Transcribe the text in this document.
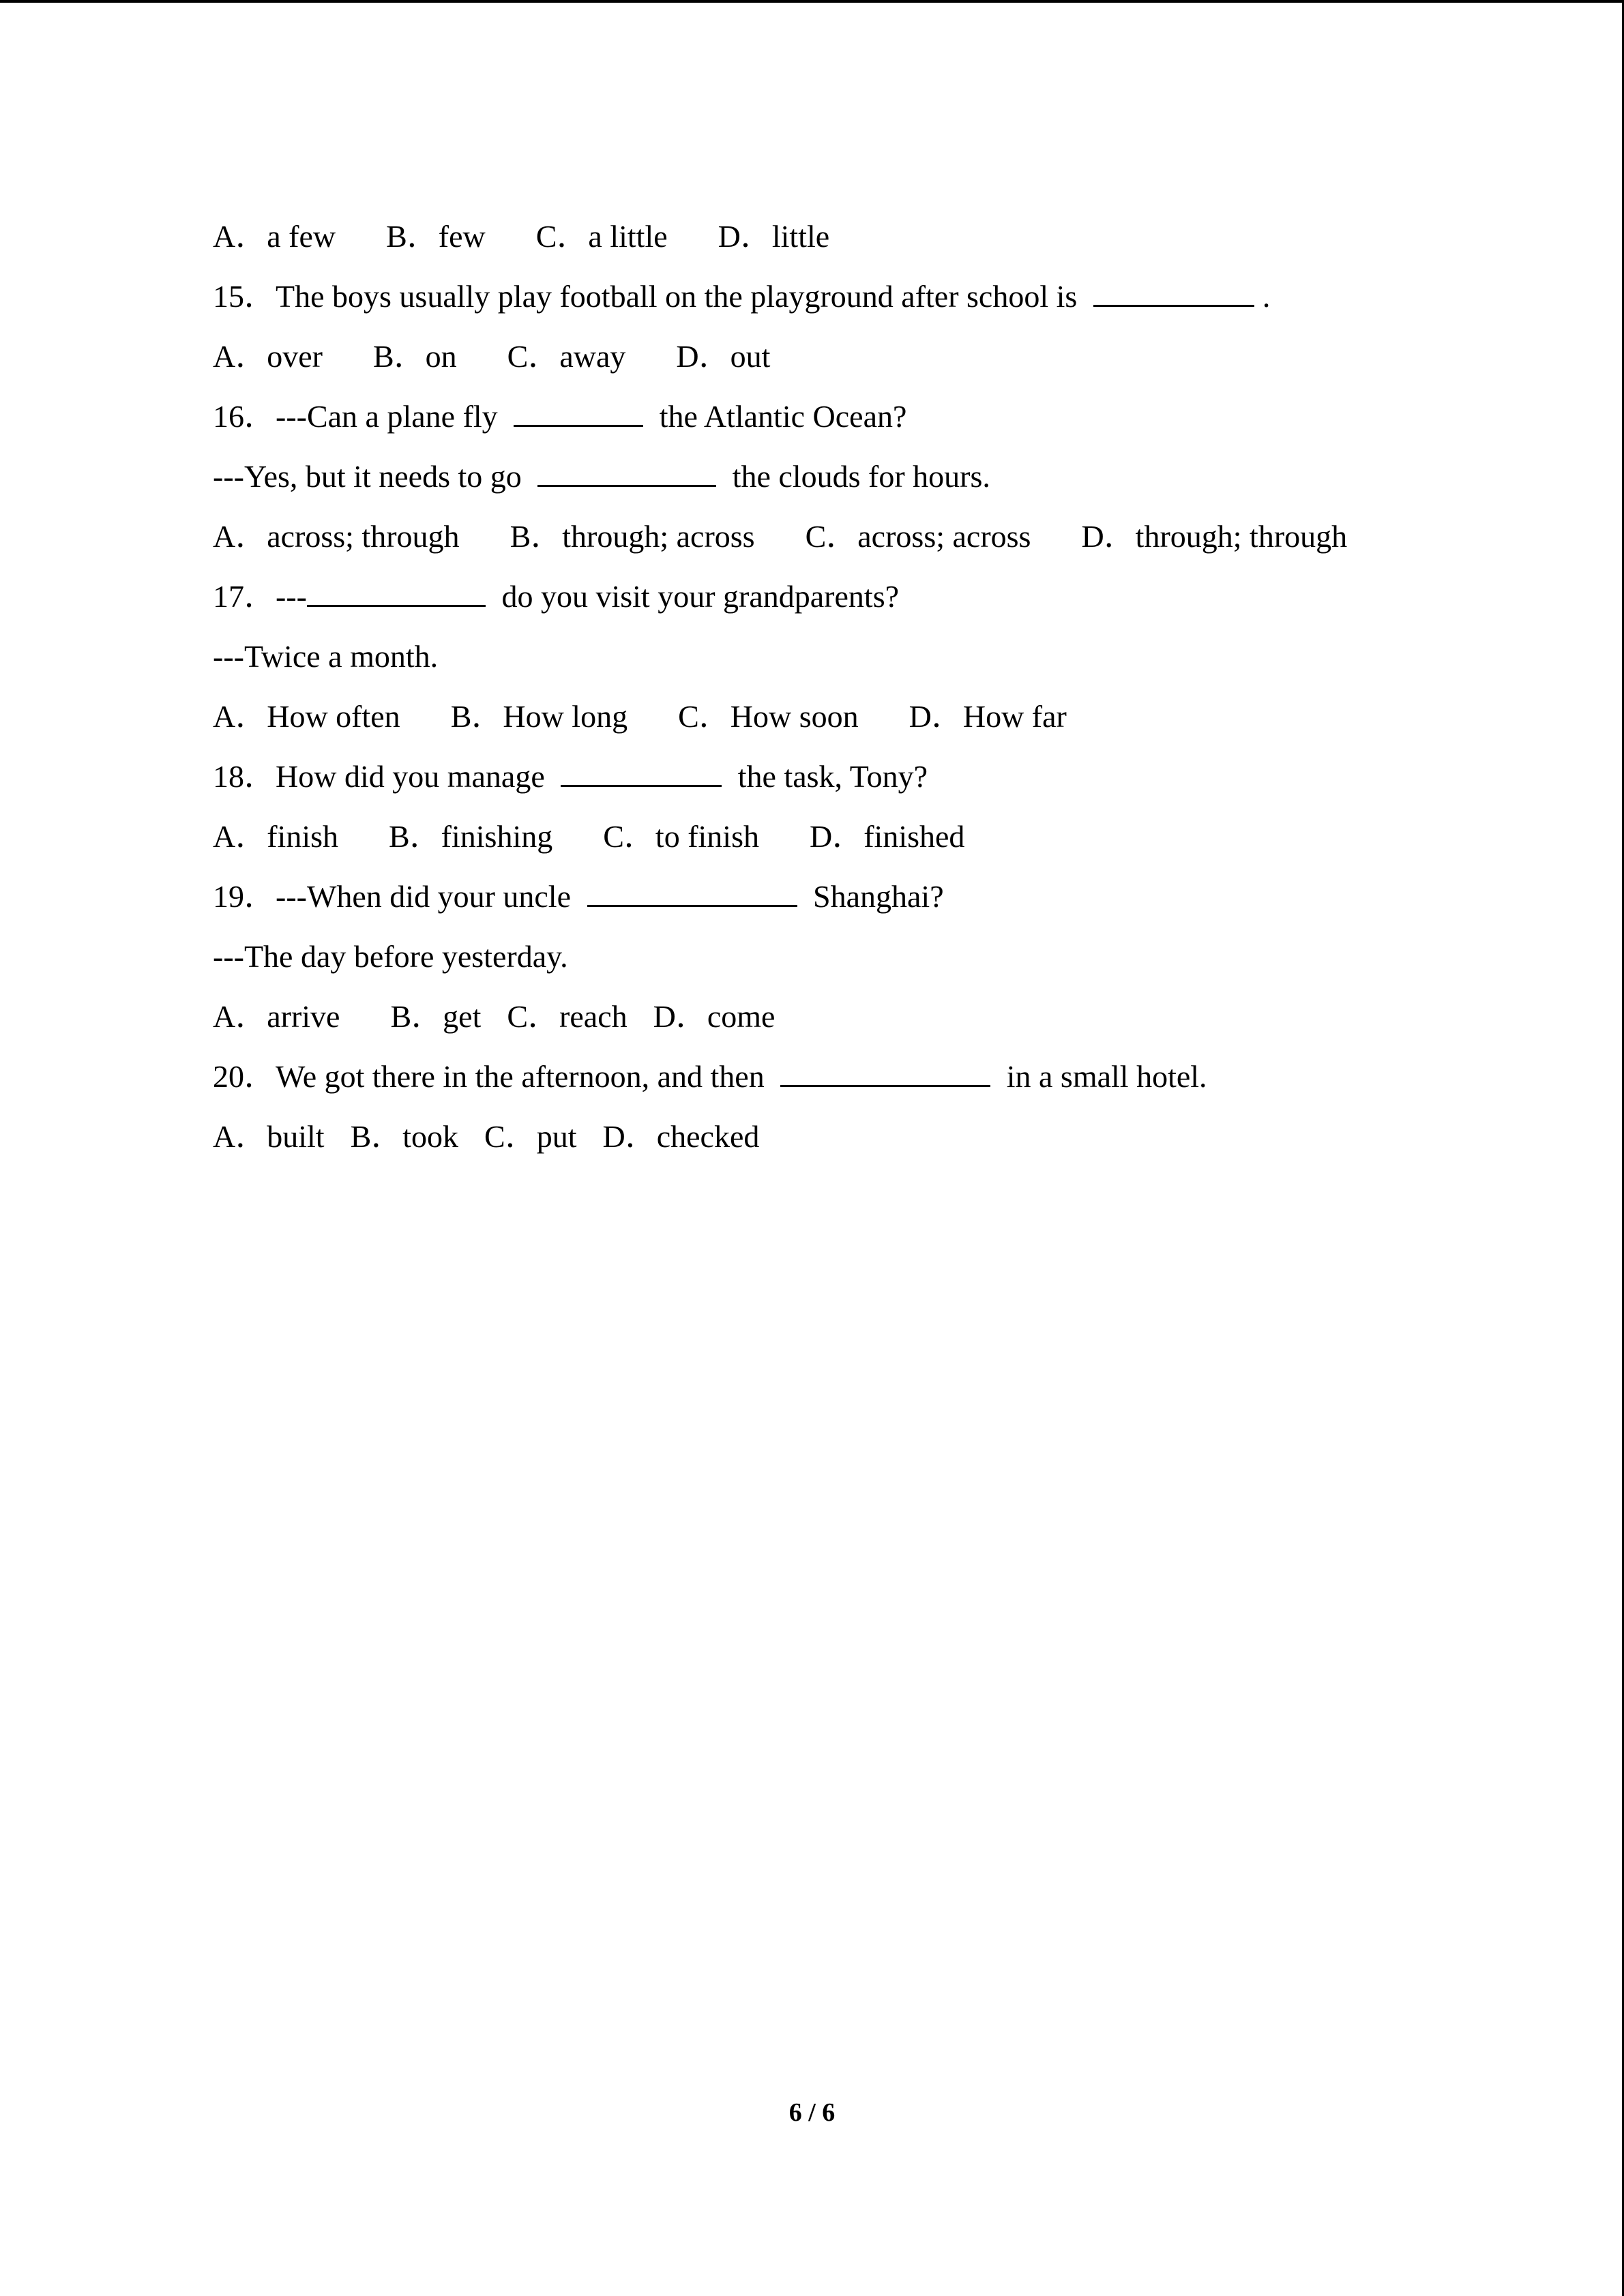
A．a few B．few C．a little D．little
15．The boys usually play football on the playground after school is	.
A．over B．on C．away D．out
16．---Can a plane fly	the Atlantic Ocean?
---Yes, but it needs to go	the clouds for hours.
A．across; through B．through; across C．across; across D．through; through
17．---	do you visit your grandparents?
---Twice a month.
A．How often B．How long C．How soon D．How far
18．How did you manage	the task, Tony?
A．finish B．finishing C．to finish D．finished
19．---When did your uncle	Shanghai?
---The day before yesterday.
A．arrive B．get C．reach D．come
20．We got there in the afternoon, and then	in a small hotel.
A．built B．took C．put D．checked
6 / 6
